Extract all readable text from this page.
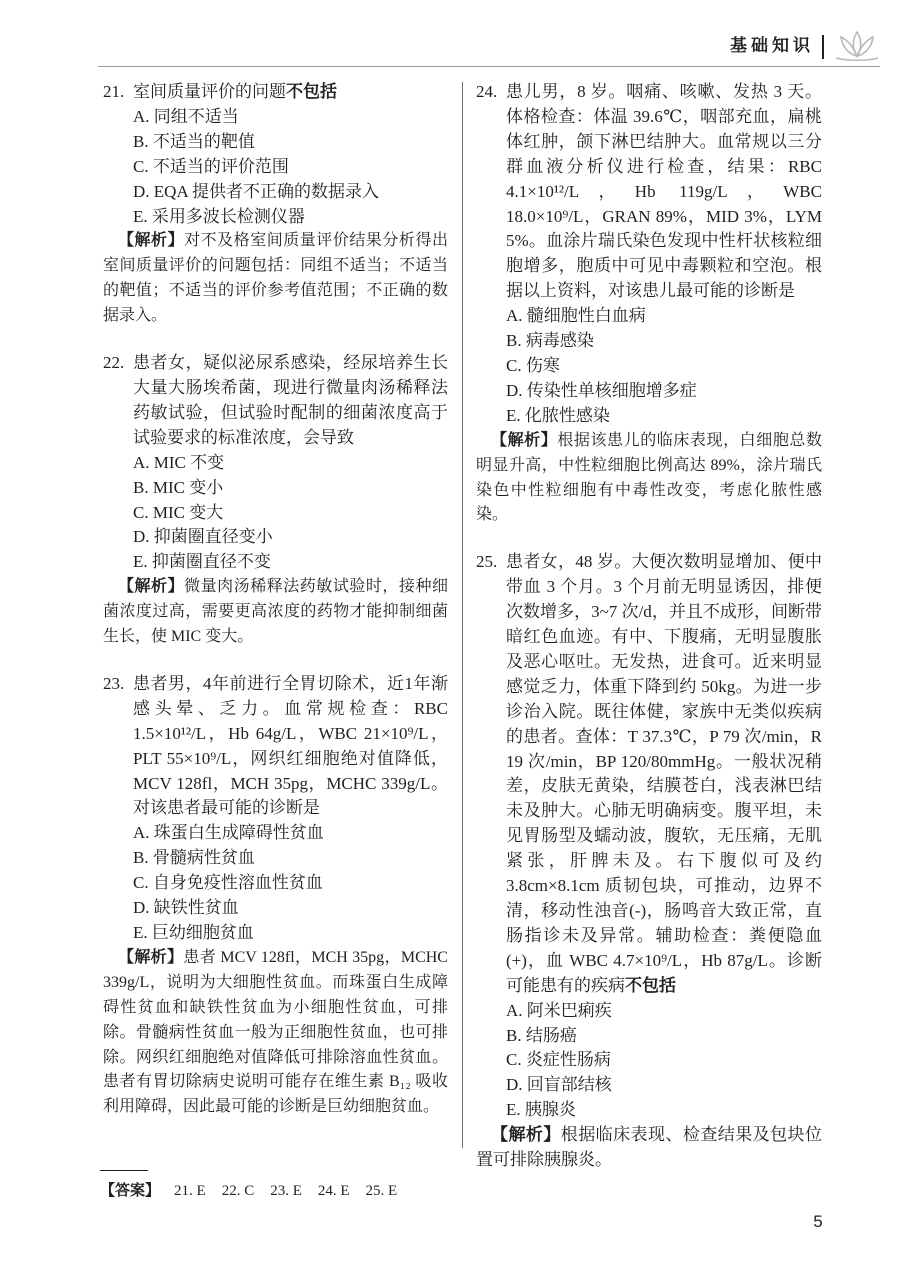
基础知识
21. 室间质量评价的问题不包括
A. 同组不适当
B. 不适当的靶值
C. 不适当的评价范围
D. EQA 提供者不正确的数据录入
E. 采用多波长检测仪器
【解析】对不及格室间质量评价结果分析得出室间质量评价的问题包括：同组不适当；不适当的靶值；不适当的评价参考值范围；不正确的数据录入。
22. 患者女，疑似泌尿系感染，经尿培养生长大量大肠埃希菌，现进行微量肉汤稀释法药敏试验，但试验时配制的细菌浓度高于试验要求的标准浓度，会导致
A. MIC 不变
B. MIC 变小
C. MIC 变大
D. 抑菌圈直径变小
E. 抑菌圈直径不变
【解析】微量肉汤稀释法药敏试验时，接种细菌浓度过高，需要更高浓度的药物才能抑制细菌生长，使 MIC 变大。
23. 患者男，4年前进行全胃切除术，近1年渐感头晕、乏力。血常规检查：RBC 1.5×10¹²/L，Hb 64g/L，WBC 21×10⁹/L，PLT 55×10⁹/L，网织红细胞绝对值降低，MCV 128fl，MCH 35pg，MCHC 339g/L。对该患者最可能的诊断是
A. 珠蛋白生成障碍性贫血
B. 骨髓病性贫血
C. 自身免疫性溶血性贫血
D. 缺铁性贫血
E. 巨幼细胞贫血
【解析】患者 MCV 128fl，MCH 35pg，MCHC 339g/L，说明为大细胞性贫血。而珠蛋白生成障碍性贫血和缺铁性贫血为小细胞性贫血，可排除。骨髓病性贫血一般为正细胞性贫血，也可排除。网织红细胞绝对值降低可排除溶血性贫血。患者有胃切除病史说明可能存在维生素 B₁₂ 吸收利用障碍，因此最可能的诊断是巨幼细胞贫血。
24. 患儿男，8 岁。咽痛、咳嗽、发热 3 天。体格检查：体温 39.6℃，咽部充血，扁桃体红肿，颌下淋巴结肿大。血常规以三分群血液分析仪进行检查，结果：RBC 4.1×10¹²/L，Hb 119g/L，WBC 18.0×10⁹/L，GRAN 89%，MID 3%，LYM 5%。血涂片瑞氏染色发现中性杆状核粒细胞增多，胞质中可见中毒颗粒和空泡。根据以上资料，对该患儿最可能的诊断是
A. 髓细胞性白血病
B. 病毒感染
C. 伤寒
D. 传染性单核细胞增多症
E. 化脓性感染
【解析】根据该患儿的临床表现，白细胞总数明显升高，中性粒细胞比例高达 89%，涂片瑞氏染色中性粒细胞有中毒性改变，考虑化脓性感染。
25. 患者女，48 岁。大便次数明显增加、便中带血 3 个月。3 个月前无明显诱因，排便次数增多，3~7 次/d，并且不成形，间断带暗红色血迹。有中、下腹痛，无明显腹胀及恶心呕吐。无发热，进食可。近来明显感觉乏力，体重下降到约 50kg。为进一步诊治入院。既往体健，家族中无类似疾病的患者。查体：T 37.3℃，P 79 次/min，R 19 次/min，BP 120/80mmHg。一般状况稍差，皮肤无黄染，结膜苍白，浅表淋巴结未及肿大。心肺无明确病变。腹平坦，未见胃肠型及蠕动波，腹软，无压痛，无肌紧张，肝脾未及。右下腹似可及约 3.8cm×8.1cm 质韧包块，可推动，边界不清，移动性浊音(-)，肠鸣音大致正常，直肠指诊未及异常。辅助检查：粪便隐血(+)，血 WBC 4.7×10⁹/L，Hb 87g/L。诊断可能患有的疾病不包括
A. 阿米巴痢疾
B. 结肠癌
C. 炎症性肠病
D. 回盲部结核
E. 胰腺炎
【解析】根据临床表现、检查结果及包块位置可排除胰腺炎。
【答案】 21. E 22. C 23. E 24. E 25. E
5
